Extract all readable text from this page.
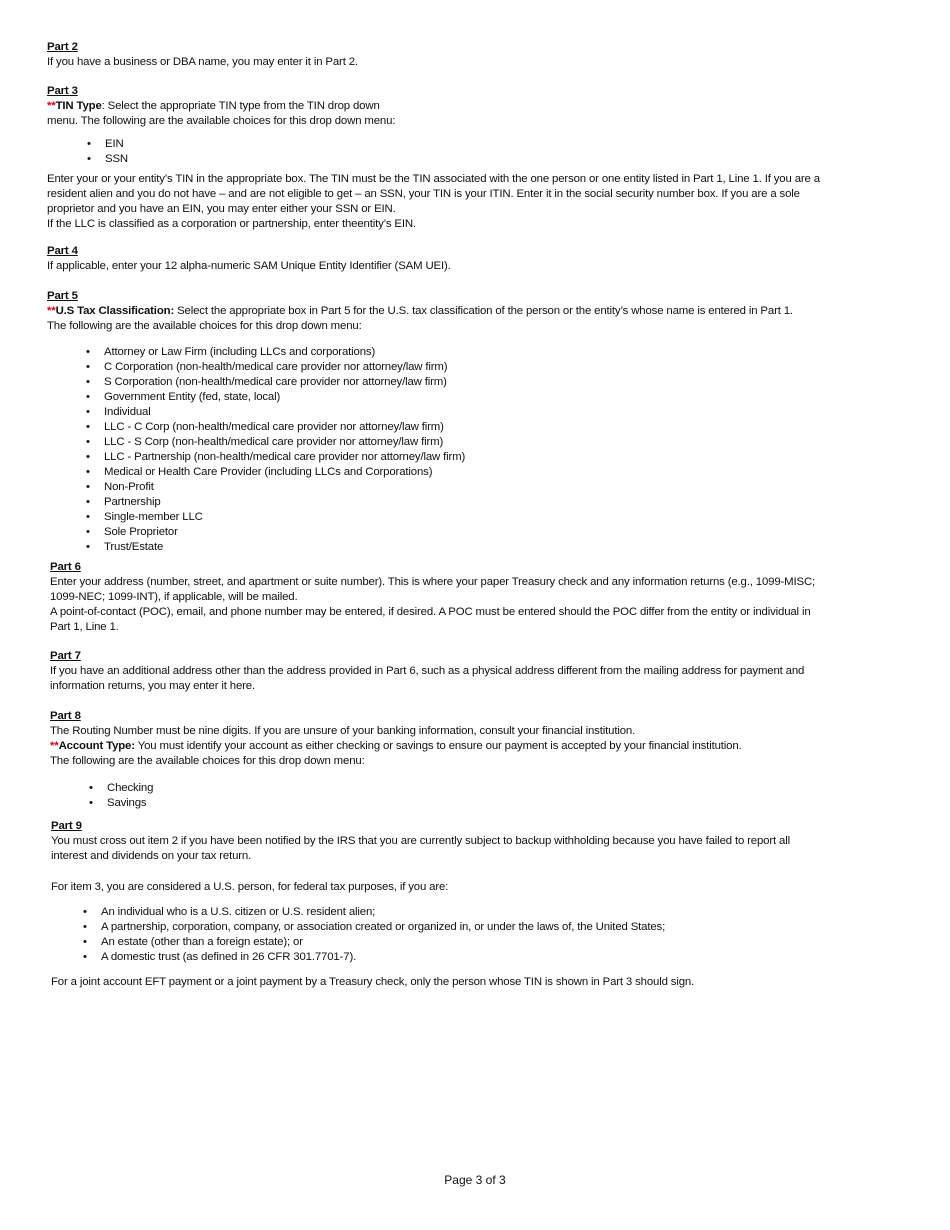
Part 2
If you have a business or DBA name, you may enter it in Part 2.
Part 3
**TIN Type: Select the appropriate TIN type from the TIN drop down
menu. The following are the available choices for this drop down menu:
• EIN
• SSN
Enter your or your entity’s TIN in the appropriate box. The TIN must be the TIN associated with the one person or one entity listed in Part 1, Line 1. If you are a
resident alien and you do not have – and are not eligible to get – an SSN, your TIN is your ITIN. Enter it in the social security number box. If you are a sole
proprietor and you have an EIN, you may enter either your SSN or EIN.
If the LLC is classified as a corporation or partnership, enter theentity’s EIN.
Part 4
If applicable, enter your 12 alpha-numeric SAM Unique Entity Identifier (SAM UEI).
Part 5
**U.S Tax Classification: Select the appropriate box in Part 5 for the U.S. tax classification of the person or the entity’s whose name is entered in Part 1.
The following are the available choices for this drop down menu:
• Attorney or Law Firm (including LLCs and corporations)
• C Corporation (non-health/medical care provider nor attorney/law firm)
• S Corporation (non-health/medical care provider nor attorney/law firm)
• Government Entity (fed, state, local)
• Individual
• LLC - C Corp (non-health/medical care provider nor attorney/law firm)
• LLC - S Corp (non-health/medical care provider nor attorney/law firm)
• LLC - Partnership (non-health/medical care provider nor attorney/law firm)
• Medical or Health Care Provider (including LLCs and Corporations)
• Non-Profit
• Partnership
• Single-member LLC
• Sole Proprietor
• Trust/Estate
Part 6
Enter your address (number, street, and apartment or suite number). This is where your paper Treasury check and any information returns (e.g., 1099-MISC;
1099-NEC; 1099-INT), if applicable, will be mailed.
A point-of-contact (POC), email, and phone number may be entered, if desired. A POC must be entered should the POC differ from the entity or individual in
Part 1, Line 1.
Part 7
If you have an additional address other than the address provided in Part 6, such as a physical address different from the mailing address for payment and
information returns, you may enter it here.
Part 8
The Routing Number must be nine digits. If you are unsure of your banking information, consult your financial institution.
**Account Type: You must identify your account as either checking or savings to ensure our payment is accepted by your financial institution.
The following are the available choices for this drop down menu:
• Checking
• Savings
Part 9
You must cross out item 2 if you have been notified by the IRS that you are currently subject to backup withholding because you have failed to report all
interest and dividends on your tax return.
For item 3, you are considered a U.S. person, for federal tax purposes, if you are:
• An individual who is a U.S. citizen or U.S. resident alien;
• A partnership, corporation, company, or association created or organized in, or under the laws of, the United States;
• An estate (other than a foreign estate); or
• A domestic trust (as defined in 26 CFR 301.7701-7).
For a joint account EFT payment or a joint payment by a Treasury check, only the person whose TIN is shown in Part 3 should sign.
Page 3 of 3
